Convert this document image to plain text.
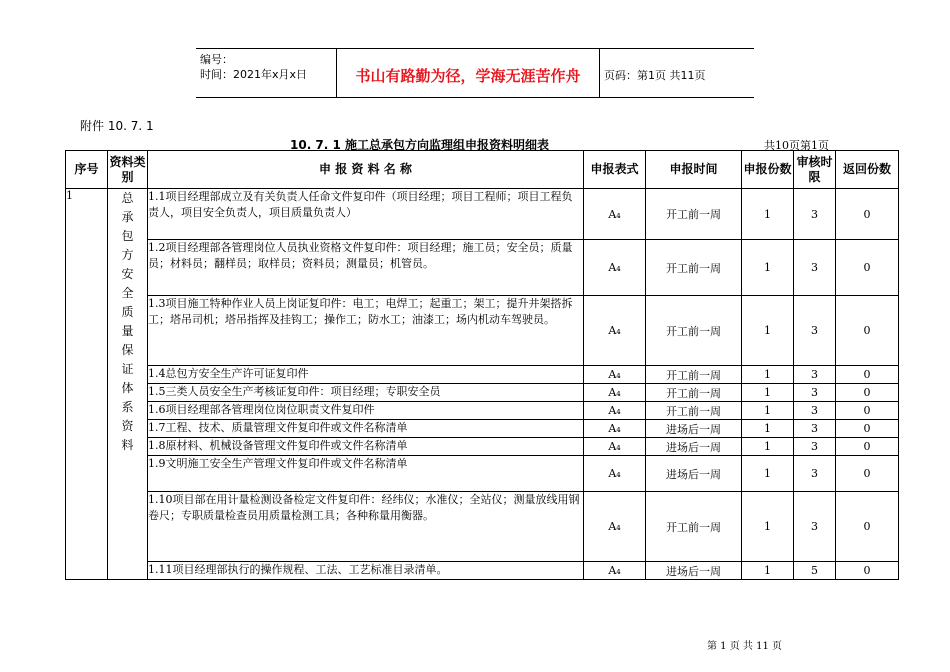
编号：
时间：2021年x月x日	书山有路勤为径，学海无涯苦作舟	页码：第1页 共11页
附件 10. 7. 1
10. 7. 1 施工总承包方向监理组申报资料明细表	共10页第1页
序号	资料类别	申 报 资 料 名 称	申报表式	申报时间	申报份数	审核时限	返回份数
1	总承包方安全质量保证体系资料	1.1项目经理部成立及有关负责人任命文件复印件（项目经理；项目工程师；项目工程负责人，项目安全负责人，项目质量负责人）	A₄	开工前一周	1	3	0
		1.2项目经理部各管理岗位人员执业资格文件复印件：项目经理；施工员；安全员；质量员；材料员；翻样员；取样员；资料员；测量员；机管员。	A₄	开工前一周	1	3	0
		1.3项目施工特种作业人员上岗证复印件：电工；电焊工；起重工；架工；提升井架搭拆工；塔吊司机；塔吊指挥及挂钩工；操作工；防水工；油漆工；场内机动车驾驶员。	A₄	开工前一周	1	3	0
		1.4总包方安全生产许可证复印件	A₄	开工前一周	1	3	0
		1.5三类人员安全生产考核证复印件：项目经理；专职安全员	A₄	开工前一周	1	3	0
		1.6项目经理部各管理岗位岗位职责文件复印件	A₄	开工前一周	1	3	0
		1.7工程、技术、质量管理文件复印件或文件名称清单	A₄	进场后一周	1	3	0
		1.8原材料、机械设备管理文件复印件或文件名称清单	A₄	进场后一周	1	3	0
		1.9文明施工安全生产管理文件复印件或文件名称清单	A₄	进场后一周	1	3	0
		1.10项目部在用计量检测设备检定文件复印件：经纬仪；水准仪；全站仪；测量放线用钢卷尺；专职质量检查员用质量检测工具；各种称量用衡器。	A₄	开工前一周	1	3	0
		1.11项目经理部执行的操作规程、工法、工艺标准目录清单。	A₄	进场后一周	1	5	0
第 1 页 共 11 页
